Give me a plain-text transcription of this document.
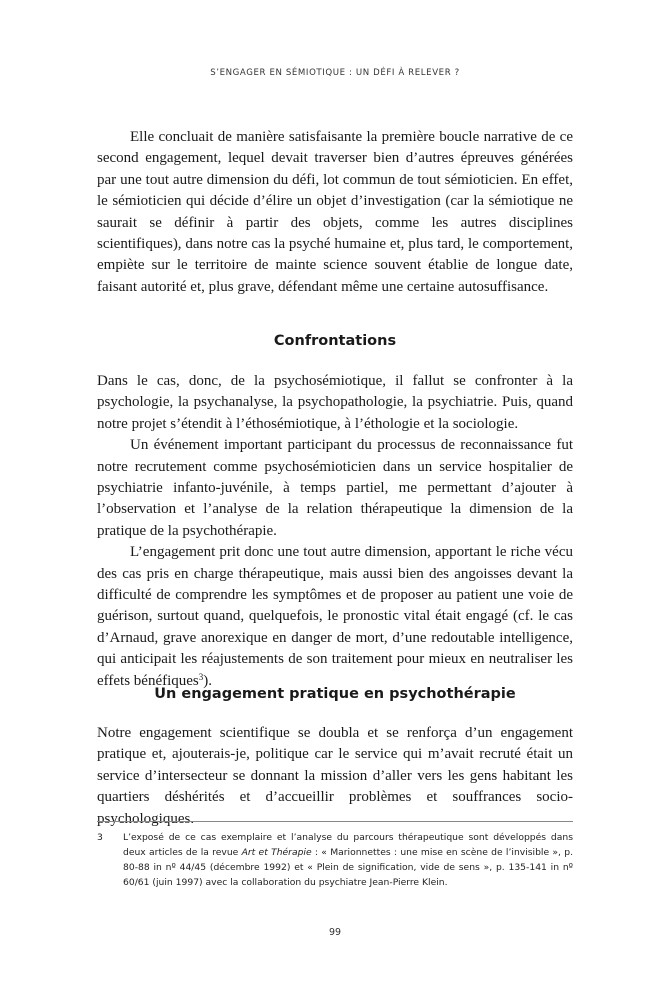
S’ENGAGER EN SÉMIOTIQUE : UN DÉFI À RELEVER ?

Elle concluait de manière satisfaisante la première boucle narrative de ce second engagement, lequel devait traverser bien d’autres épreuves générées par une tout autre dimension du défi, lot commun de tout sémioticien. En effet, le sémioticien qui décide d’élire un objet d’investigation (car la sémiotique ne saurait se définir à partir des objets, comme les autres disciplines scientifiques), dans notre cas la psyché humaine et, plus tard, le comportement, empiète sur le territoire de mainte science souvent établie de longue date, faisant autorité et, plus grave, défendant même une certaine autosuffisance.

Confrontations

Dans le cas, donc, de la psychosémiotique, il fallut se confronter à la psychologie, la psychanalyse, la psychopathologie, la psychiatrie. Puis, quand notre projet s’étendit à l’éthosémiotique, à l’éthologie et la sociologie.

Un événement important participant du processus de reconnaissance fut notre recrutement comme psychosémioticien dans un service hospitalier de psychiatrie infanto-juvénile, à temps partiel, me permettant d’ajouter à l’observation et l’analyse de la relation thérapeutique la dimension de la pratique de la psychothérapie.

L’engagement prit donc une tout autre dimension, apportant le riche vécu des cas pris en charge thérapeutique, mais aussi bien des angoisses devant la difficulté de comprendre les symptômes et de proposer au patient une voie de guérison, surtout quand, quelquefois, le pronostic vital était engagé (cf. le cas d’Arnaud, grave anorexique en danger de mort, d’une redoutable intelligence, qui anticipait les réajustements de son traitement pour mieux en neutraliser les effets bénéfiques$^3$).

Un engagement pratique en psychothérapie

Notre engagement scientifique se doubla et se renforça d’un engagement pratique et, ajouterais-je, politique car le service qui m’avait recruté était un service d’intersecteur se donnant la mission d’aller vers les gens habitant les quartiers déshérités et d’accueillir problèmes et souffrances socio-psychologiques.

3 L’exposé de ce cas exemplaire et l’analyse du parcours thérapeutique sont développés dans deux articles de la revue Art et Thérapie : « Marionnettes : une mise en scène de l’invisible », p. 80-88 in nº 44/45 (décembre 1992) et « Plein de signification, vide de sens », p. 135-141 in nº 60/61 (juin 1997) avec la collaboration du psychiatre Jean-Pierre Klein.
99
